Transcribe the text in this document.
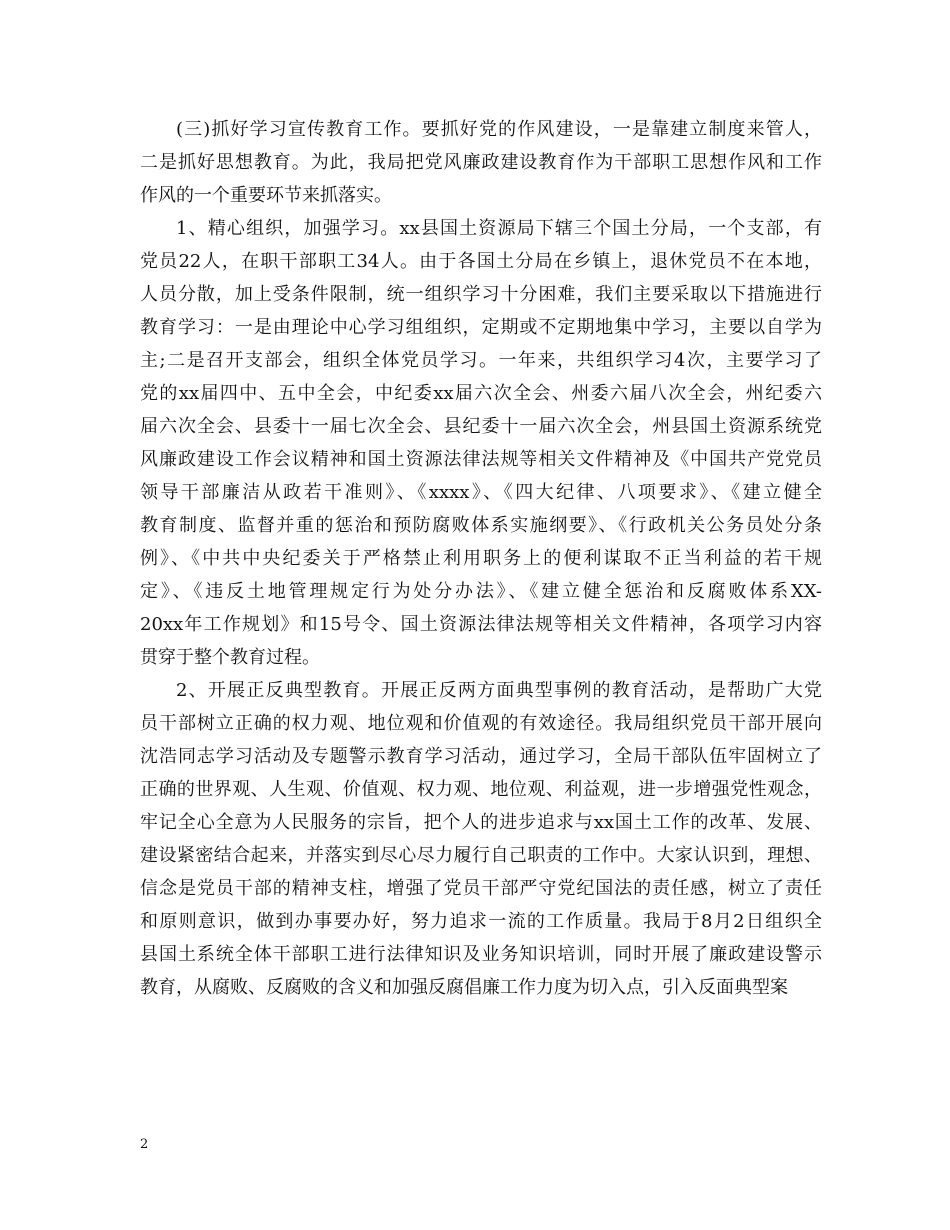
(三)抓好学习宣传教育工作。要抓好党的作风建设，一是靠建立制度来管人，
二是抓好思想教育。为此，我局把党风廉政建设教育作为干部职工思想作风和工作
作风的一个重要环节来抓落实。
1、精心组织，加强学习。xx县国土资源局下辖三个国土分局，一个支部，有
党员22人，在职干部职工34人。由于各国土分局在乡镇上，退休党员不在本地，
人员分散，加上受条件限制，统一组织学习十分困难，我们主要采取以下措施进行
教育学习：一是由理论中心学习组组织，定期或不定期地集中学习，主要以自学为
主;二是召开支部会，组织全体党员学习。一年来，共组织学习4次，主要学习了
党的xx届四中、五中全会，中纪委xx届六次全会、州委六届八次全会，州纪委六
届六次全会、县委十一届七次全会、县纪委十一届六次全会，州县国土资源系统党
风廉政建设工作会议精神和国土资源法律法规等相关文件精神及《中国共产党党员
领导干部廉洁从政若干准则》、《xxxx》、《四大纪律、八项要求》、《建立健全
教育制度、监督并重的惩治和预防腐败体系实施纲要》、《行政机关公务员处分条
例》、《中共中央纪委关于严格禁止利用职务上的便利谋取不正当利益的若干规
定》、《违反土地管理规定行为处分办法》、《建立健全惩治和反腐败体系XX-
20xx年工作规划》和15号令、国土资源法律法规等相关文件精神，各项学习内容
贯穿于整个教育过程。
2、开展正反典型教育。开展正反两方面典型事例的教育活动，是帮助广大党
员干部树立正确的权力观、地位观和价值观的有效途径。我局组织党员干部开展向
沈浩同志学习活动及专题警示教育学习活动，通过学习，全局干部队伍牢固树立了
正确的世界观、人生观、价值观、权力观、地位观、利益观，进一步增强党性观念，
牢记全心全意为人民服务的宗旨，把个人的进步追求与xx国土工作的改革、发展、
建设紧密结合起来，并落实到尽心尽力履行自己职责的工作中。大家认识到，理想、
信念是党员干部的精神支柱，增强了党员干部严守党纪国法的责任感，树立了责任
和原则意识，做到办事要办好，努力追求一流的工作质量。我局于8月2日组织全
县国土系统全体干部职工进行法律知识及业务知识培训，同时开展了廉政建设警示
教育，从腐败、反腐败的含义和加强反腐倡廉工作力度为切入点，引入反面典型案
2
